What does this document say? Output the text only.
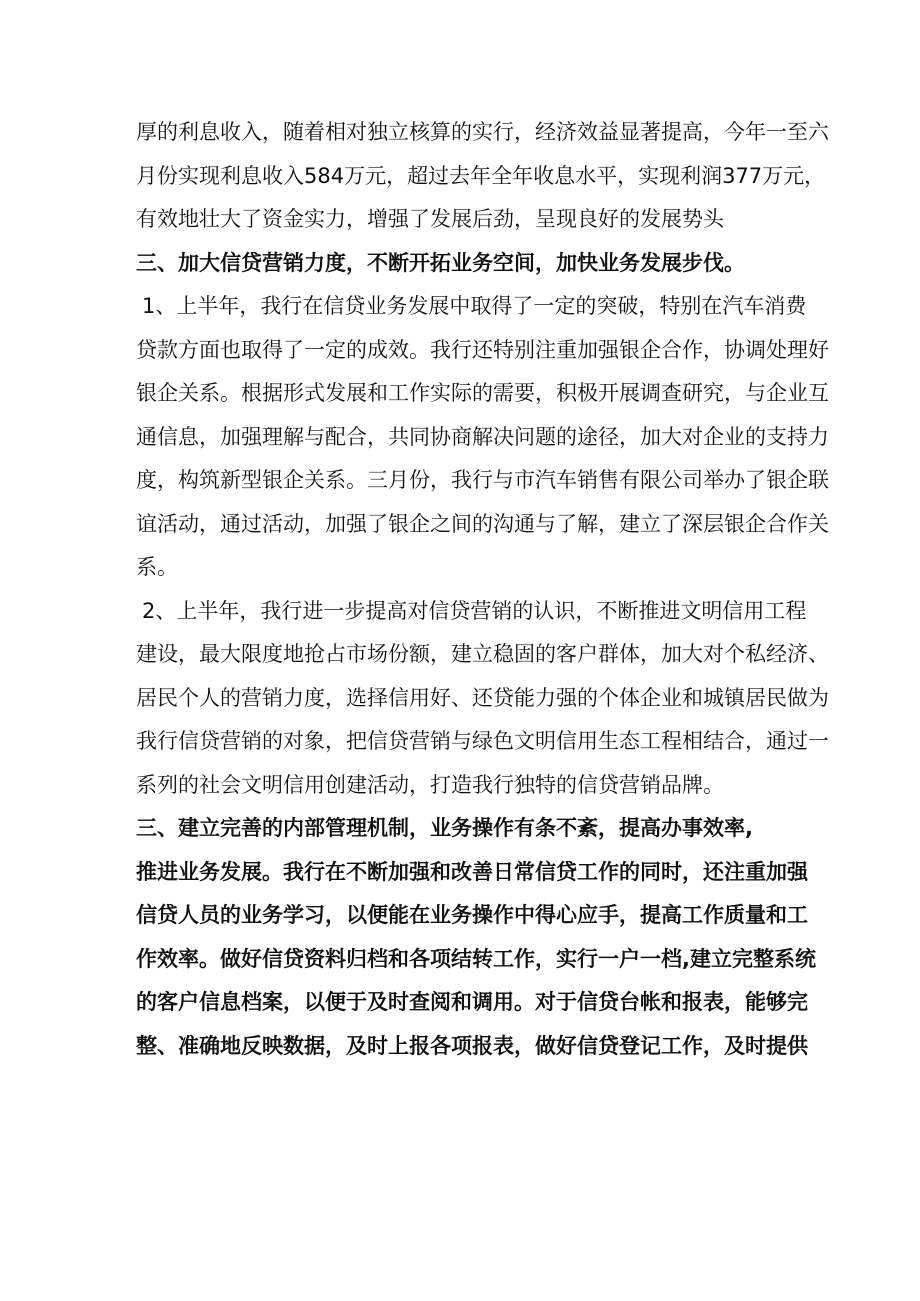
厚的利息收入，随着相对独立核算的实行，经济效益显著提高，今年一至六

月份实现利息收入584万元，超过去年全年收息水平，实现利润377万元，

有效地壮大了资金实力，增强了发展后劲，呈现良好的发展势头

三、加大信贷营销力度，不断开拓业务空间，加快业务发展步伐。

1、上半年，我行在信贷业务发展中取得了一定的突破，特别在汽车消费

贷款方面也取得了一定的成效。我行还特别注重加强银企合作，协调处理好

银企关系。根据形式发展和工作实际的需要，积极开展调查研究，与企业互

通信息，加强理解与配合，共同协商解决问题的途径，加大对企业的支持力

度，构筑新型银企关系。三月份，我行与市汽车销售有限公司举办了银企联

谊活动，通过活动，加强了银企之间的沟通与了解，建立了深层银企合作关

系。

2、上半年，我行进一步提高对信贷营销的认识，不断推进文明信用工程

建设，最大限度地抢占市场份额，建立稳固的客户群体，加大对个私经济、

居民个人的营销力度，选择信用好、还贷能力强的个体企业和城镇居民做为

我行信贷营销的对象，把信贷营销与绿色文明信用生态工程相结合，通过一

系列的社会文明信用创建活动，打造我行独特的信贷营销品牌。

三、建立完善的内部管理机制，业务操作有条不紊，提高办事效率,

推进业务发展。我行在不断加强和改善日常信贷工作的同时，还注重加强

信贷人员的业务学习，以便能在业务操作中得心应手，提高工作质量和工

作效率。做好信贷资料归档和各项结转工作，实行一户一档,建立完整系统

的客户信息档案，以便于及时查阅和调用。对于信贷台帐和报表，能够完

整、准确地反映数据，及时上报各项报表，做好信贷登记工作，及时提供
